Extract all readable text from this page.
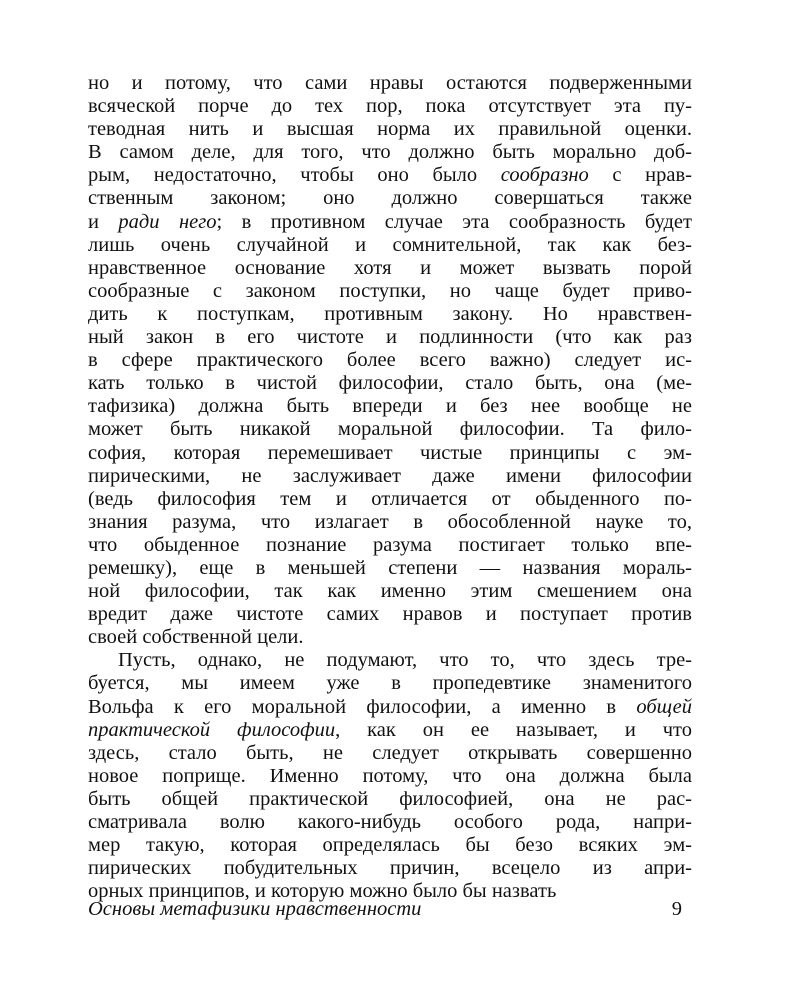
но и потому, что сами нравы остаются подверженными
всяческой порче до тех пор, пока отсутствует эта пу-
теводная нить и высшая норма их правильной оценки.
В самом деле, для того, что должно быть морально доб-
рым, недостаточно, чтобы оно было сообразно с нрав-
ственным законом; оно должно совершаться также
и ради него; в противном случае эта сообразность будет
лишь очень случайной и сомнительной, так как без-
нравственное основание хотя и может вызвать порой
сообразные с законом поступки, но чаще будет приво-
дить к поступкам, противным закону. Но нравствен-
ный закон в его чистоте и подлинности (что как раз
в сфере практического более всего важно) следует ис-
кать только в чистой философии, стало быть, она (ме-
тафизика) должна быть впереди и без нее вообще не
может быть никакой моральной философии. Та фило-
софия, которая перемешивает чистые принципы с эм-
пирическими, не заслуживает даже имени философии
(ведь философия тем и отличается от обыденного по-
знания разума, что излагает в обособленной науке то,
что обыденное познание разума постигает только впе-
ремешку), еще в меньшей степени — названия мораль-
ной философии, так как именно этим смешением она
вредит даже чистоте самих нравов и поступает против
своей собственной цели.
Пусть, однако, не подумают, что то, что здесь тре-
буется, мы имеем уже в пропедевтике знаменитого
Вольфа к его моральной философии, а именно в общей
практической философии, как он ее называет, и что
здесь, стало быть, не следует открывать совершенно
новое поприще. Именно потому, что она должна была
быть общей практической философией, она не рас-
сматривала волю какого-нибудь особого рода, напри-
мер такую, которая определялась бы безо всяких эм-
пирических побудительных причин, всецело из апри-
орных принципов, и которую можно было бы назвать
Основы метафизики нравственности	9
